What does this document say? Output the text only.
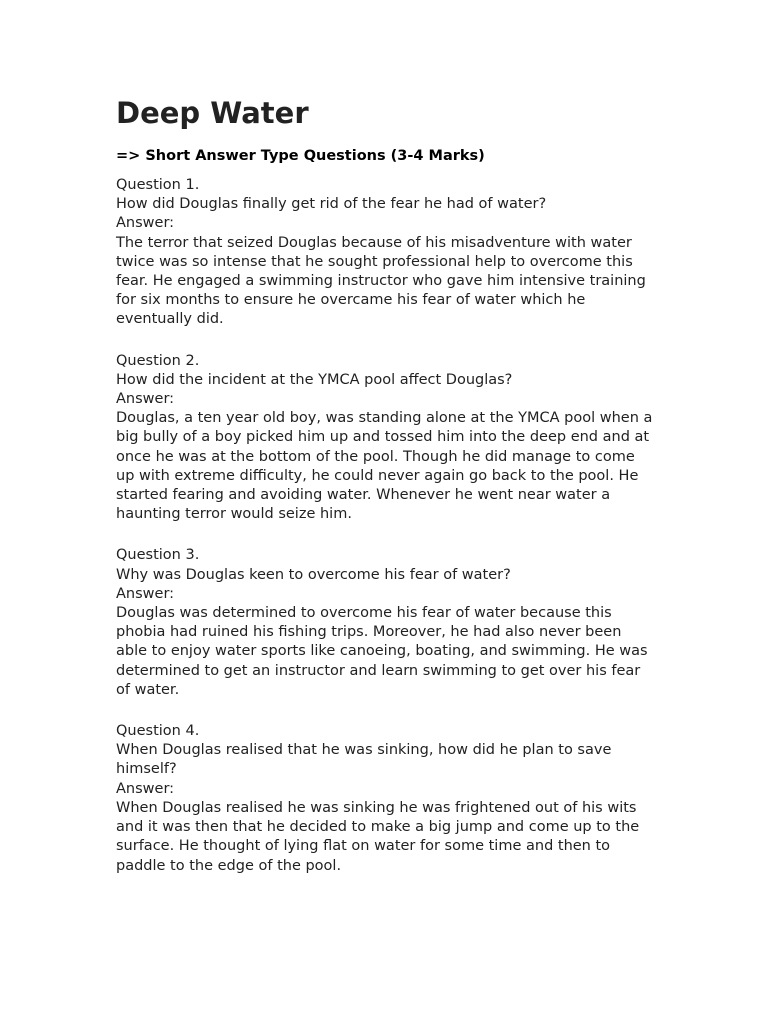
Deep Water
=> Short Answer Type Questions (3-4 Marks)

Question 1.

How did Douglas finally get rid of the fear he had of water?

Answer:

The terror that seized Douglas because of his misadventure with water twice was so intense that he sought professional help to overcome this fear. He engaged a swimming instructor who gave him intensive training for six months to ensure he overcame his fear of water which he eventually did.

Question 2.

How did the incident at the YMCA pool affect Douglas?

Answer:

Douglas, a ten year old boy, was standing alone at the YMCA pool when a big bully of a boy picked him up and tossed him into the deep end and at once he was at the bottom of the pool. Though he did manage to come up with extreme difficulty, he could never again go back to the pool. He started fearing and avoiding water. Whenever he went near water a haunting terror would seize him.

Question 3.

Why was Douglas keen to overcome his fear of water?

Answer:

Douglas was determined to overcome his fear of water because this phobia had ruined his fishing trips. Moreover, he had also never been able to enjoy water sports like canoeing, boating, and swimming. He was determined to get an instructor and learn swimming to get over his fear of water.

Question 4.

When Douglas realised that he was sinking, how did he plan to save himself?

Answer:

When Douglas realised he was sinking he was frightened out of his wits and it was then that he decided to make a big jump and come up to the surface. He thought of lying flat on water for some time and then to paddle to the edge of the pool.
